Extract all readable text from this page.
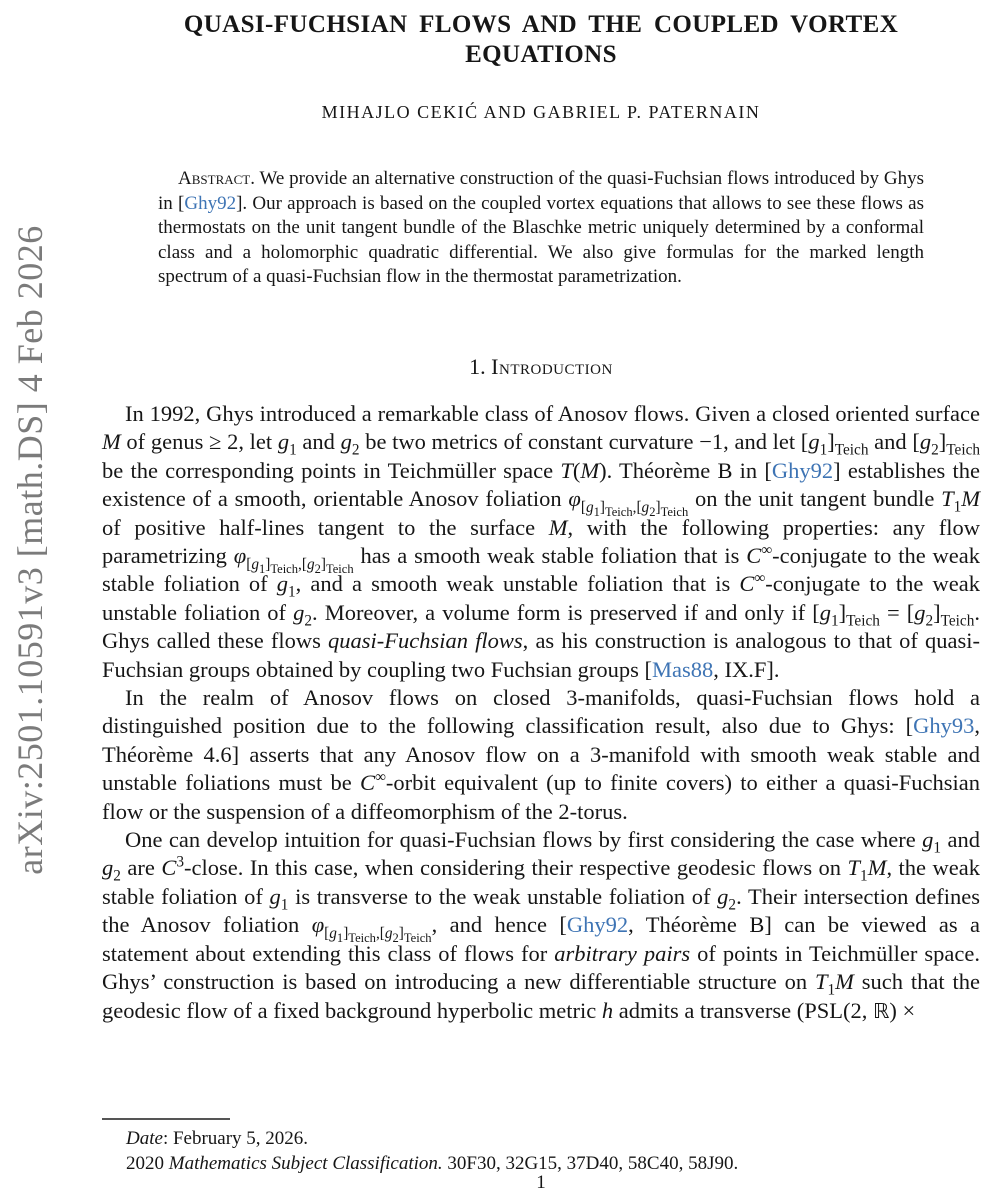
arXiv:2501.10591v3 [math.DS] 4 Feb 2026
QUASI-FUCHSIAN FLOWS AND THE COUPLED VORTEX EQUATIONS
MIHAJLO CEKIĆ AND GABRIEL P. PATERNAIN

Abstract. We provide an alternative construction of the quasi-Fuchsian flows introduced by Ghys in [Ghy92]. Our approach is based on the coupled vortex equations that allows to see these flows as thermostats on the unit tangent bundle of the Blaschke metric uniquely determined by a conformal class and a holomorphic quadratic differential. We also give formulas for the marked length spectrum of a quasi-Fuchsian flow in the thermostat parametrization.

1. Introduction

In 1992, Ghys introduced a remarkable class of Anosov flows. Given a closed oriented surface M of genus ≥ 2, let $g_1$ and $g_2$ be two metrics of constant curvature −1, and let $[g_1]_{Teich}$ and $[g_2]_{Teich}$ be the corresponding points in Teichmüller space T(M). Théorème B in [Ghy92] establishes the existence of a smooth, orientable Anosov foliation $\varphi_{[g_1]_{Teich},[g_2]_{Teich}}$ on the unit tangent bundle $T_1M$ of positive half-lines tangent to the surface M, with the following properties: any flow parametrizing $\varphi_{[g_1]_{Teich},[g_2]_{Teich}}$ has a smooth weak stable foliation that is C∞-conjugate to the weak stable foliation of $g_1$, and a smooth weak unstable foliation that is C∞-conjugate to the weak unstable foliation of $g_2$. Moreover, a volume form is preserved if and only if $[g_1]_{Teich} = [g_2]_{Teich}$. Ghys called these flows quasi-Fuchsian flows, as his construction is analogous to that of quasi-Fuchsian groups obtained by coupling two Fuchsian groups [Mas88, IX.F].

In the realm of Anosov flows on closed 3-manifolds, quasi-Fuchsian flows hold a distinguished position due to the following classification result, also due to Ghys: [Ghy93, Théorème 4.6] asserts that any Anosov flow on a 3-manifold with smooth weak stable and unstable foliations must be C∞-orbit equivalent (up to finite covers) to either a quasi-Fuchsian flow or the suspension of a diffeomorphism of the 2-torus.

One can develop intuition for quasi-Fuchsian flows by first considering the case where $g_1$ and $g_2$ are $C^3$-close. In this case, when considering their respective geodesic flows on $T_1M$, the weak stable foliation of $g_1$ is transverse to the weak unstable foliation of $g_2$. Their intersection defines the Anosov foliation $\varphi_{[g_1]_{Teich},[g_2]_{Teich}}$, and hence [Ghy92, Théorème B] can be viewed as a statement about extending this class of flows for arbitrary pairs of points in Teichmüller space. Ghys’ construction is based on introducing a new differentiable structure on $T_1M$ such that the geodesic flow of a fixed background hyperbolic metric h admits a transverse (PSL(2, ℝ) ×

Date: February 5, 2026.
2020 Mathematics Subject Classification. 30F30, 32G15, 37D40, 58C40, 58J90.
1
